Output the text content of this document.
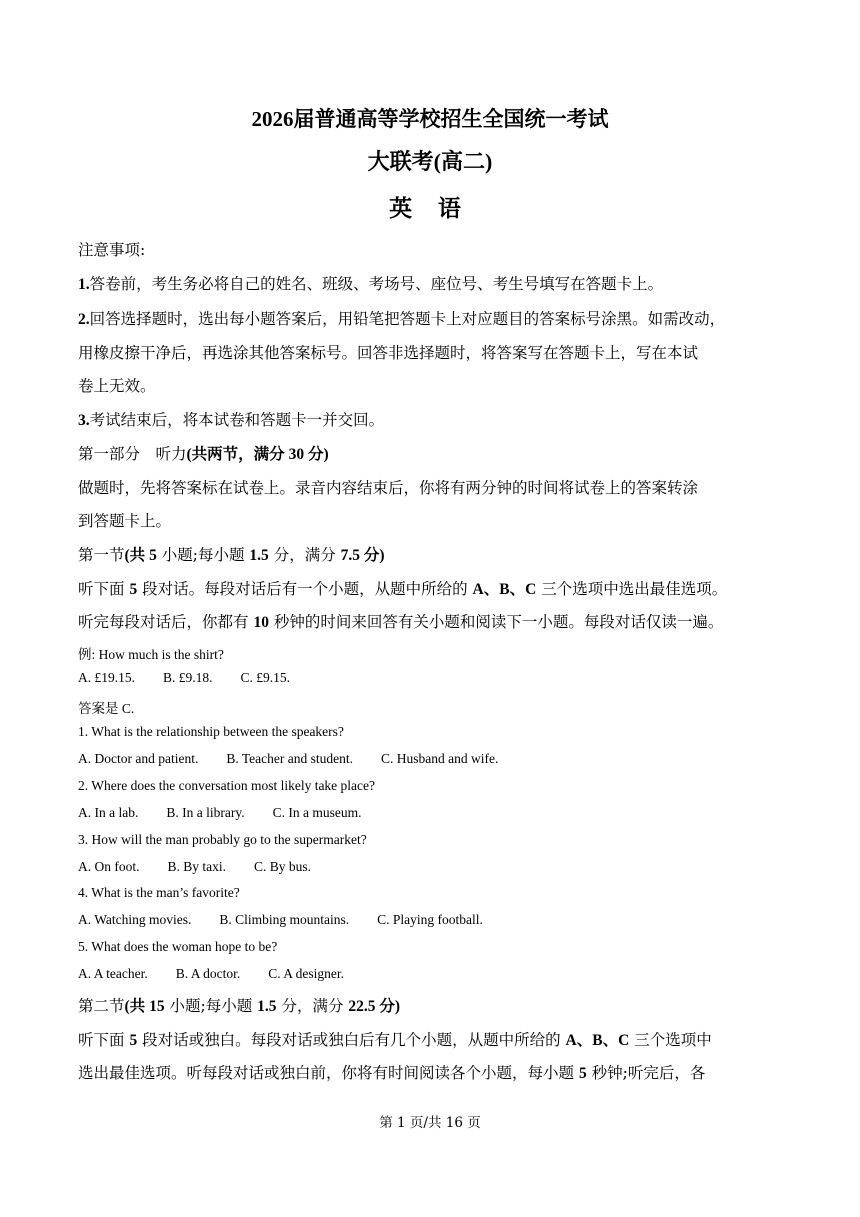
2026届普通高等学校招生全国统一考试
大联考(高二)
英 语
注意事项:
1.答卷前，考生务必将自己的姓名、班级、考场号、座位号、考生号填写在答题卡上。
2.回答选择题时，选出每小题答案后，用铅笔把答题卡上对应题目的答案标号涂黑。如需改动，
用橡皮擦干净后，再选涂其他答案标号。回答非选择题时，将答案写在答题卡上，写在本试
卷上无效。
3.考试结束后，将本试卷和答题卡一并交回。
第一部分　听力(共两节，满分 30 分)
做题时，先将答案标在试卷上。录音内容结束后，你将有两分钟的时间将试卷上的答案转涂
到答题卡上。
第一节(共 5 小题;每小题 1.5 分，满分 7.5 分)
听下面 5 段对话。每段对话后有一个小题，从题中所给的 A、B、C 三个选项中选出最佳选项。
听完每段对话后，你都有 10 秒钟的时间来回答有关小题和阅读下一小题。每段对话仅读一遍。
例: How much is the shirt?
A. £19.15. B. £9.18. C. £9.15.
答案是 C.
1. What is the relationship between the speakers?
A. Doctor and patient. B. Teacher and student. C. Husband and wife.
2. Where does the conversation most likely take place?
A. In a lab. B. In a library. C. In a museum.
3. How will the man probably go to the supermarket?
A. On foot. B. By taxi. C. By bus.
4. What is the man’s favorite?
A. Watching movies. B. Climbing mountains. C. Playing football.
5. What does the woman hope to be?
A. A teacher. B. A doctor. C. A designer.
第二节(共 15 小题;每小题 1.5 分，满分 22.5 分)
听下面 5 段对话或独白。每段对话或独白后有几个小题，从题中所给的 A、B、C 三个选项中
选出最佳选项。听每段对话或独白前，你将有时间阅读各个小题，每小题 5 秒钟;听完后，各
第 1 页/共 16 页
